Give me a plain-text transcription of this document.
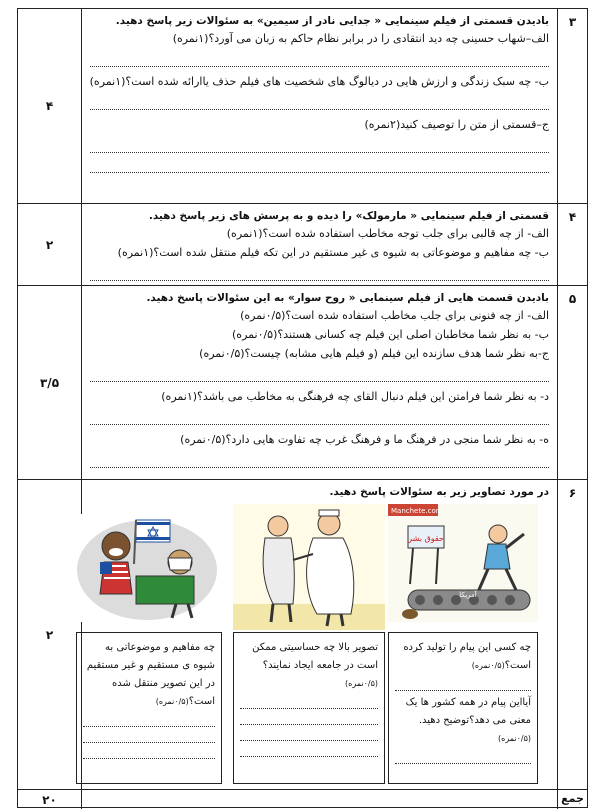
۳
۴
بادیدن قسمتی از فیلم سینمایی « جدایی نادر از سیمین» به سئوالات زیر پاسخ دهید.
الف–شهاب حسینی چه دید انتقادی را در برابر نظام حاکم به زبان می آورد؟(۱نمره)
ب- چه سبک زندگی و ارزش هایی در دیالوگ های شخصیت های فیلم حذف یاارائه شده است؟(۱نمره)
ج–قسمتی از متن را توصیف کنید(۲نمره)
۴
۲
قسمتی از فیلم سینمایی « مارمولک» را دیده و به پرسش های زیر پاسخ دهید.
الف- از چه قالبی برای جلب توجه مخاطب استفاده شده است؟(۱نمره)
ب- چه مفاهیم و موضوعاتی به شیوه ی غیر مستقیم در این تکه فیلم منتقل شده است؟(۱نمره)
۵
۳/۵
بادیدن قسمت هایی از فیلم سینمایی « روح سوار» به این سئوالات پاسخ دهید.
الف- از چه فنونی برای جلب مخاطب استفاده شده است؟(۰/۵نمره)
ب- به نظر شما مخاطبان اصلی این فیلم چه کسانی هستند؟(۰/۵نمره)
ج-به نظر شما هدف سازنده این فیلم (و فیلم هایی مشابه) چیست؟(۰/۵نمره)
د- به نظر شما فرامتن این فیلم دنبال القای چه فرهنگی به مخاطب می باشد؟(۱نمره)
ه- به نظر شما منجی در فرهنگ ما و فرهنگ غرب چه تفاوت هایی دارد؟(۰/۵نمره)
۶
۲
در مورد تصاویر زیر به سئوالات پاسخ دهید.
Manchete.com
حقوق بشر
آمریکا
چه کسی این پیام را تولید کرده است؟(۰/۵نمره)
آیااین پیام در همه کشور ها یک معنی می دهد؟توضیح دهید.(۰/۵نمره)
تصویر بالا چه حساسیتی ممکن است در جامعه ایجاد نمایند؟(۰/۵نمره)
چه مفاهیم و موضوعاتی به شیوه ی مستقیم و غیر مستقیم در این تصویر منتقل شده است؟(۰/۵نمره)
جمع
۲۰
